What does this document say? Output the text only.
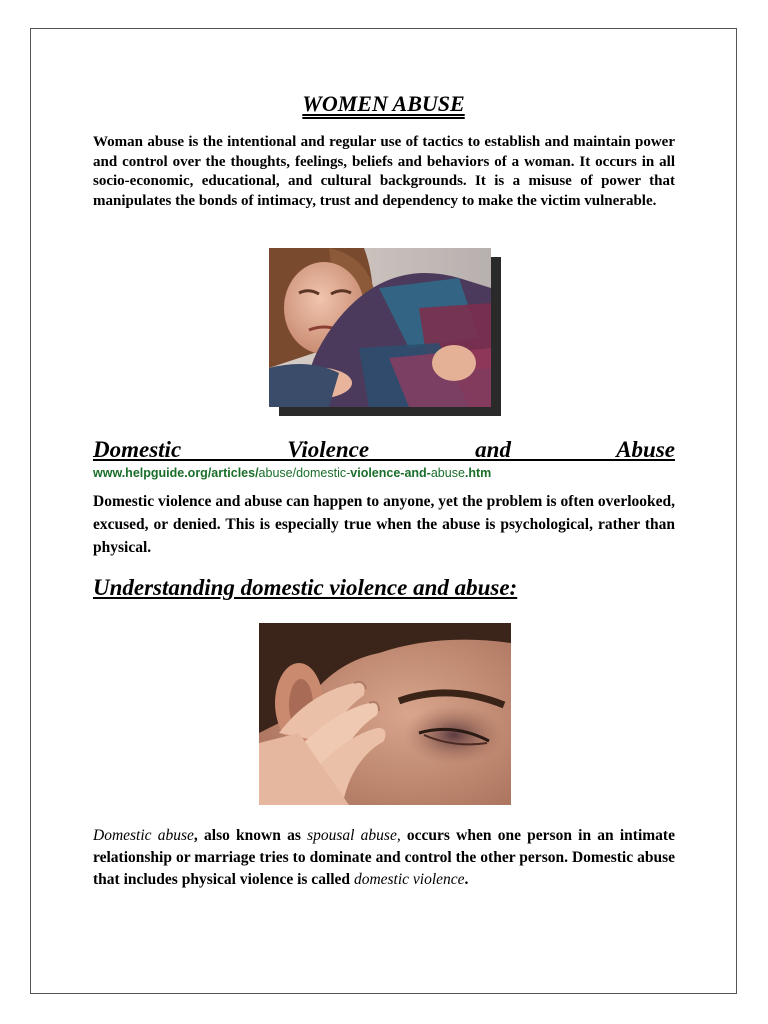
WOMEN ABUSE
Woman abuse is the intentional and regular use of tactics to establish and maintain power and control over the thoughts, feelings, beliefs and behaviors of a woman. It occurs in all socio-economic, educational, and cultural backgrounds. It is a misuse of power that manipulates the bonds of intimacy, trust and dependency to make the victim vulnerable.
Domestic Violence and Abuse
www.helpguide.org/articles/abuse/domestic-violence-and-abuse.htm
Domestic violence and abuse can happen to anyone, yet the problem is often overlooked, excused, or denied. This is especially true when the abuse is psychological, rather than physical.
Understanding domestic violence and abuse:
Domestic abuse, also known as spousal abuse, occurs when one person in an intimate relationship or marriage tries to dominate and control the other person. Domestic abuse that includes physical violence is called domestic violence.
